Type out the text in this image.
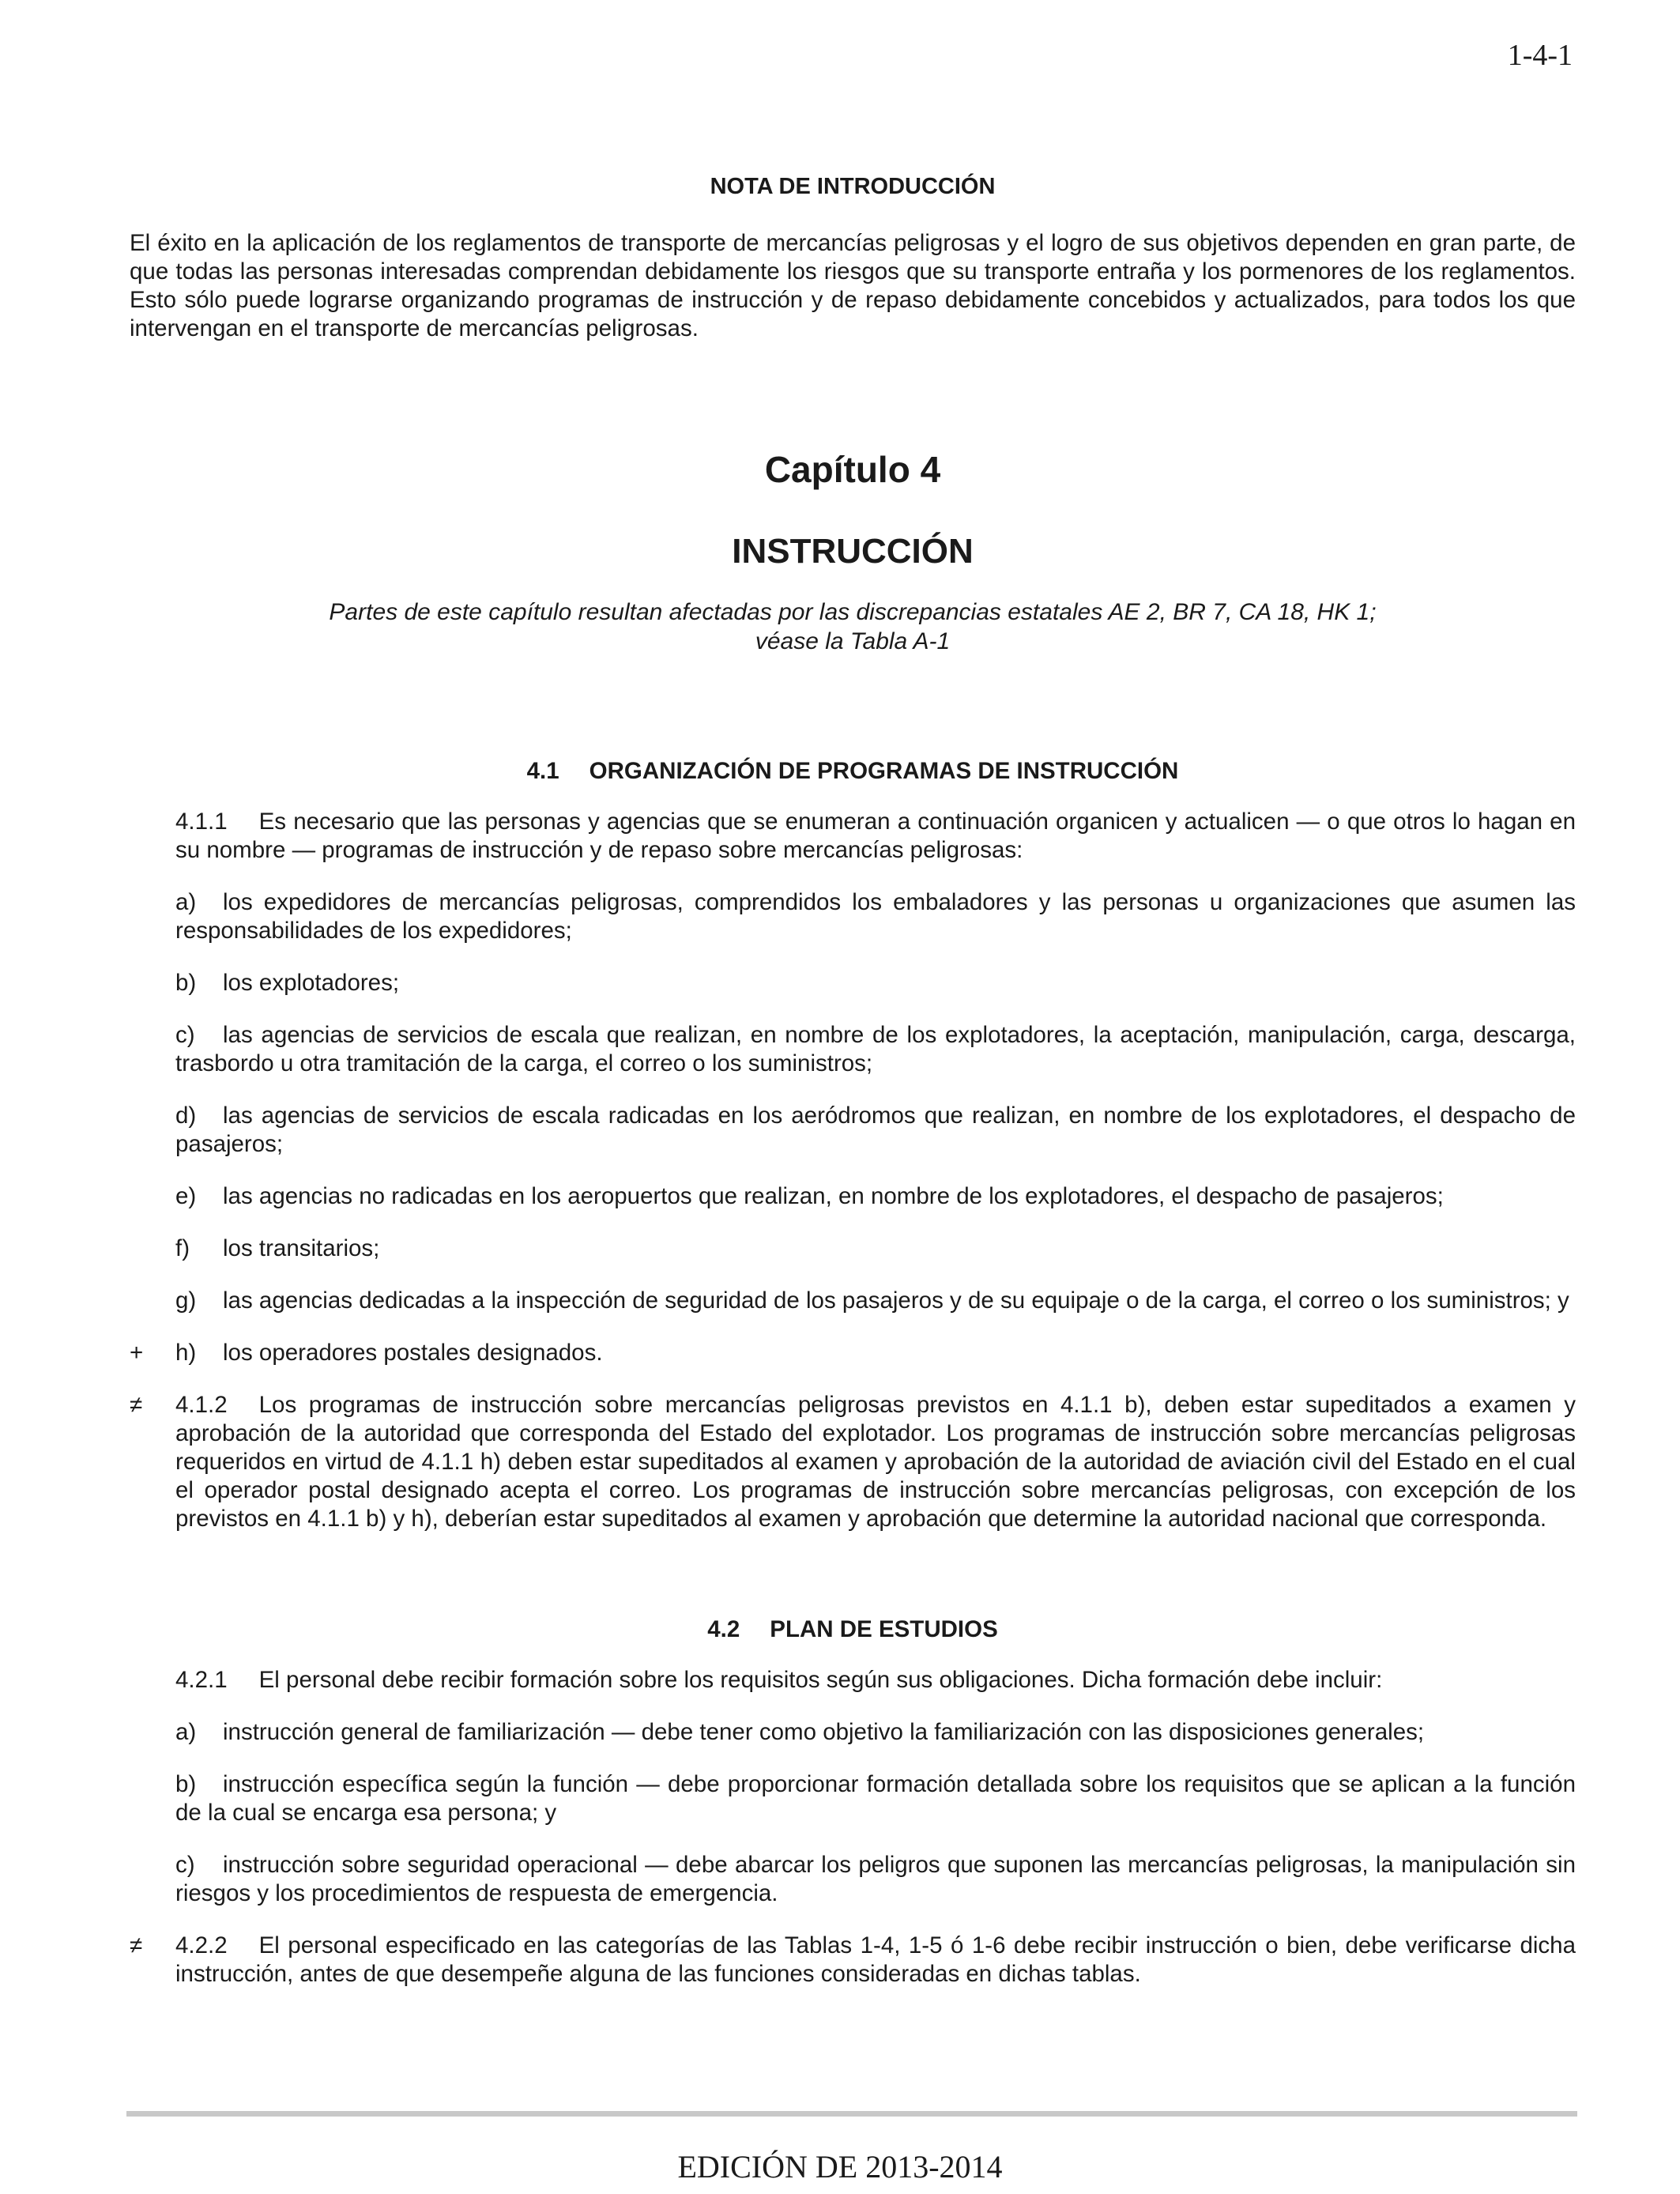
1-4-1
NOTA DE INTRODUCCIÓN

El éxito en la aplicación de los reglamentos de transporte de mercancías peligrosas y el logro de sus objetivos dependen en gran parte, de que todas las personas interesadas comprendan debidamente los riesgos que su transporte entraña y los pormenores de los reglamentos. Esto sólo puede lograrse organizando programas de instrucción y de repaso debidamente concebidos y actualizados, para todos los que intervengan en el transporte de mercancías peligrosas.

Capítulo 4
INSTRUCCIÓN
Partes de este capítulo resultan afectadas por las discrepancias estatales AE 2, BR 7, CA 18, HK 1;
véase la Tabla A-1
4.1 ORGANIZACIÓN DE PROGRAMAS DE INSTRUCCIÓN

4.1.1 Es necesario que las personas y agencias que se enumeran a continuación organicen y actualicen — o que otros lo hagan en su nombre — programas de instrucción y de repaso sobre mercancías peligrosas:

a) los expedidores de mercancías peligrosas, comprendidos los embaladores y las personas u organizaciones que asumen las responsabilidades de los expedidores;

b) los explotadores;

c) las agencias de servicios de escala que realizan, en nombre de los explotadores, la aceptación, manipulación, carga, descarga, trasbordo u otra tramitación de la carga, el correo o los suministros;

d) las agencias de servicios de escala radicadas en los aeródromos que realizan, en nombre de los explotadores, el despacho de pasajeros;

e) las agencias no radicadas en los aeropuertos que realizan, en nombre de los explotadores, el despacho de pasajeros;

f) los transitarios;

g) las agencias dedicadas a la inspección de seguridad de los pasajeros y de su equipaje o de la carga, el correo o los suministros; y

+ h) los operadores postales designados.

≠ 4.1.2 Los programas de instrucción sobre mercancías peligrosas previstos en 4.1.1 b), deben estar supeditados a examen y aprobación de la autoridad que corresponda del Estado del explotador. Los programas de instrucción sobre mercancías peligrosas requeridos en virtud de 4.1.1 h) deben estar supeditados al examen y aprobación de la autoridad de aviación civil del Estado en el cual el operador postal designado acepta el correo. Los programas de instrucción sobre mercancías peligrosas, con excepción de los previstos en 4.1.1 b) y h), deberían estar supeditados al examen y aprobación que determine la autoridad nacional que corresponda.

4.2 PLAN DE ESTUDIOS

4.2.1 El personal debe recibir formación sobre los requisitos según sus obligaciones. Dicha formación debe incluir:

a) instrucción general de familiarización — debe tener como objetivo la familiarización con las disposiciones generales;

b) instrucción específica según la función — debe proporcionar formación detallada sobre los requisitos que se aplican a la función de la cual se encarga esa persona; y

c) instrucción sobre seguridad operacional — debe abarcar los peligros que suponen las mercancías peligrosas, la manipulación sin riesgos y los procedimientos de respuesta de emergencia.

≠ 4.2.2 El personal especificado en las categorías de las Tablas 1-4, 1-5 ó 1-6 debe recibir instrucción o bien, debe verificarse dicha instrucción, antes de que desempeñe alguna de las funciones consideradas en dichas tablas.

EDICIÓN DE 2013-2014
